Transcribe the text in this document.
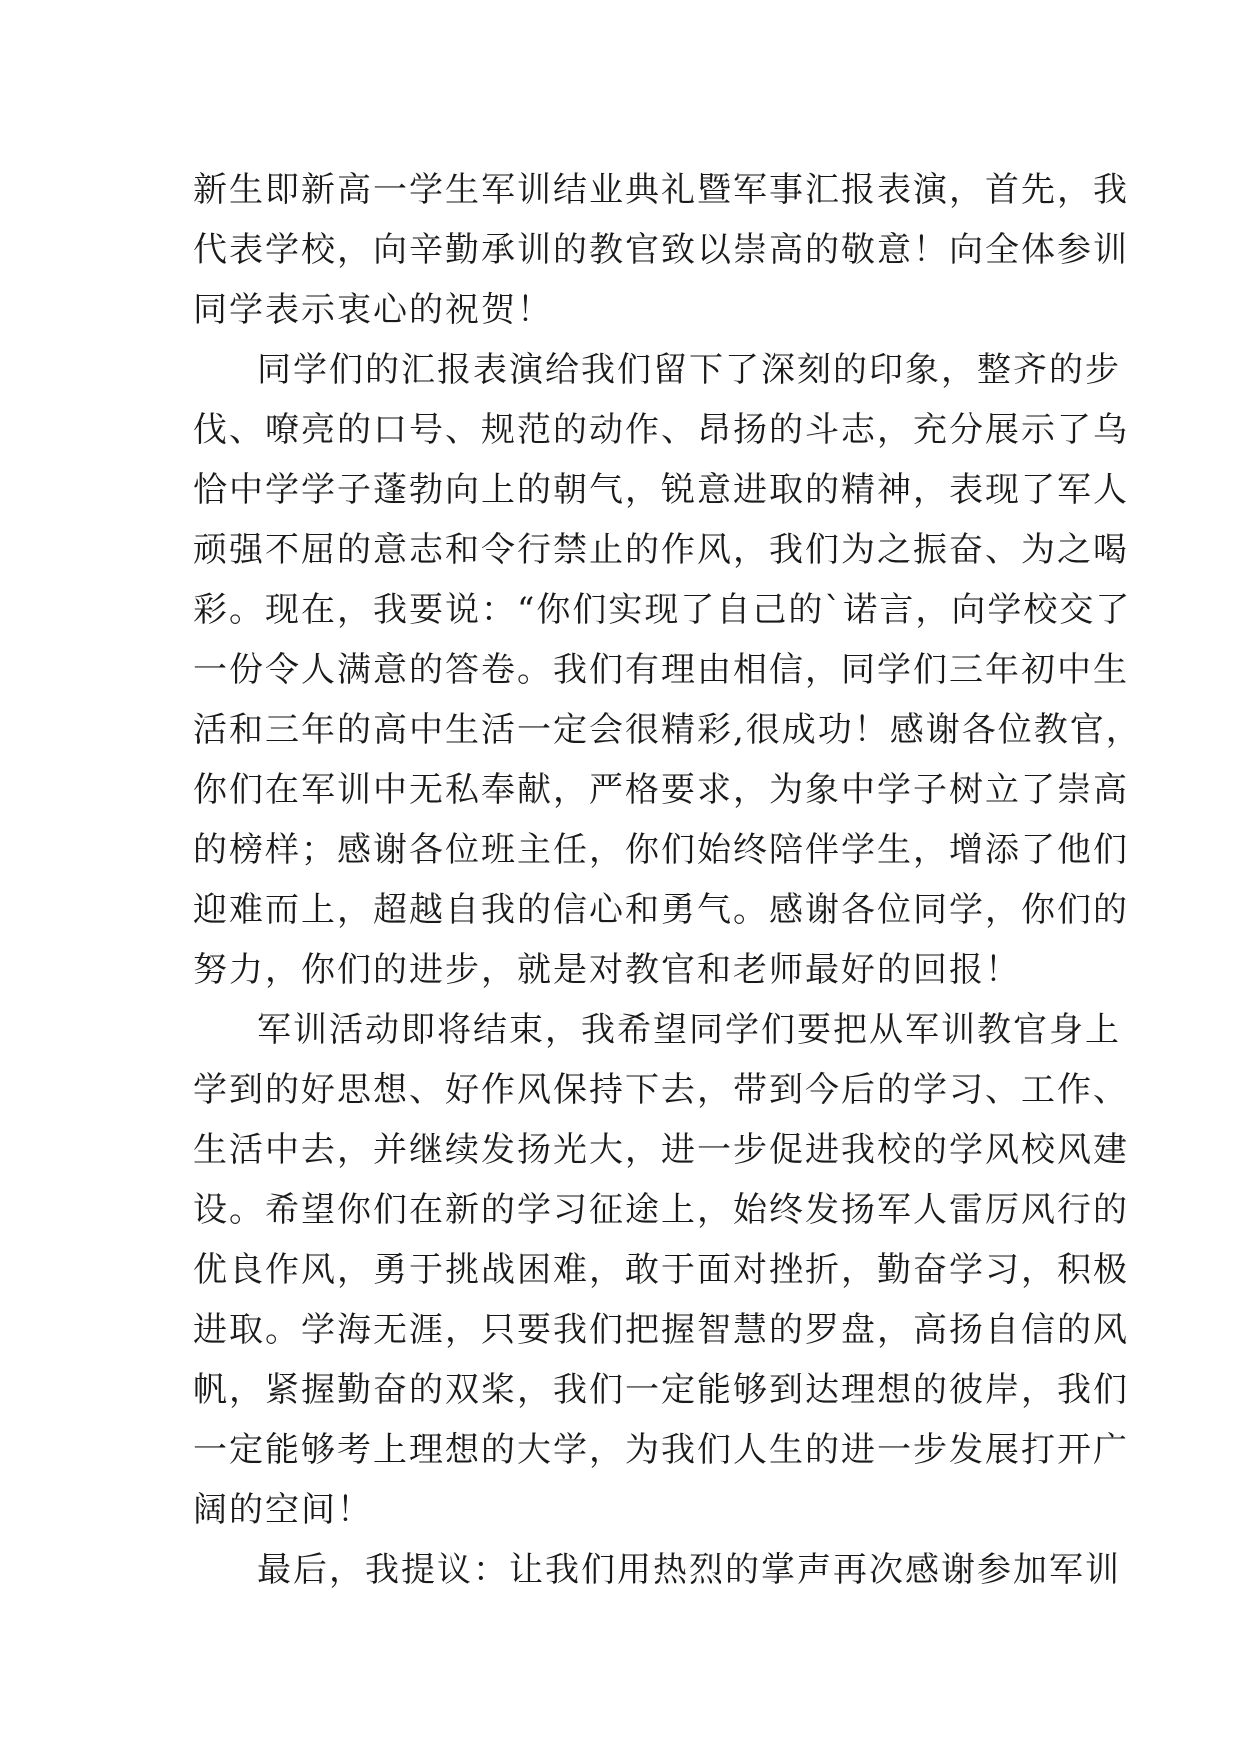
新生即新高一学生军训结业典礼暨军事汇报表演，首先，我
代表学校，向辛勤承训的教官致以崇高的敬意！向全体参训
同学表示衷心的祝贺！
同学们的汇报表演给我们留下了深刻的印象，整齐的步
伐、嘹亮的口号、规范的动作、昂扬的斗志，充分展示了乌
恰中学学子蓬勃向上的朝气，锐意进取的精神，表现了军人
顽强不屈的意志和令行禁止的作风，我们为之振奋、为之喝
彩。现在，我要说：“你们实现了自己的`诺言，向学校交了
一份令人满意的答卷。我们有理由相信，同学们三年初中生
活和三年的高中生活一定会很精彩,很成功！感谢各位教官，
你们在军训中无私奉献，严格要求，为象中学子树立了崇高
的榜样；感谢各位班主任，你们始终陪伴学生，增添了他们
迎难而上，超越自我的信心和勇气。感谢各位同学，你们的
努力，你们的进步，就是对教官和老师最好的回报！
军训活动即将结束，我希望同学们要把从军训教官身上
学到的好思想、好作风保持下去，带到今后的学习、工作、
生活中去，并继续发扬光大，进一步促进我校的学风校风建
设。希望你们在新的学习征途上，始终发扬军人雷厉风行的
优良作风，勇于挑战困难，敢于面对挫折，勤奋学习，积极
进取。学海无涯，只要我们把握智慧的罗盘，高扬自信的风
帆，紧握勤奋的双桨，我们一定能够到达理想的彼岸，我们
一定能够考上理想的大学，为我们人生的进一步发展打开广
阔的空间！
最后，我提议：让我们用热烈的掌声再次感谢参加军训
